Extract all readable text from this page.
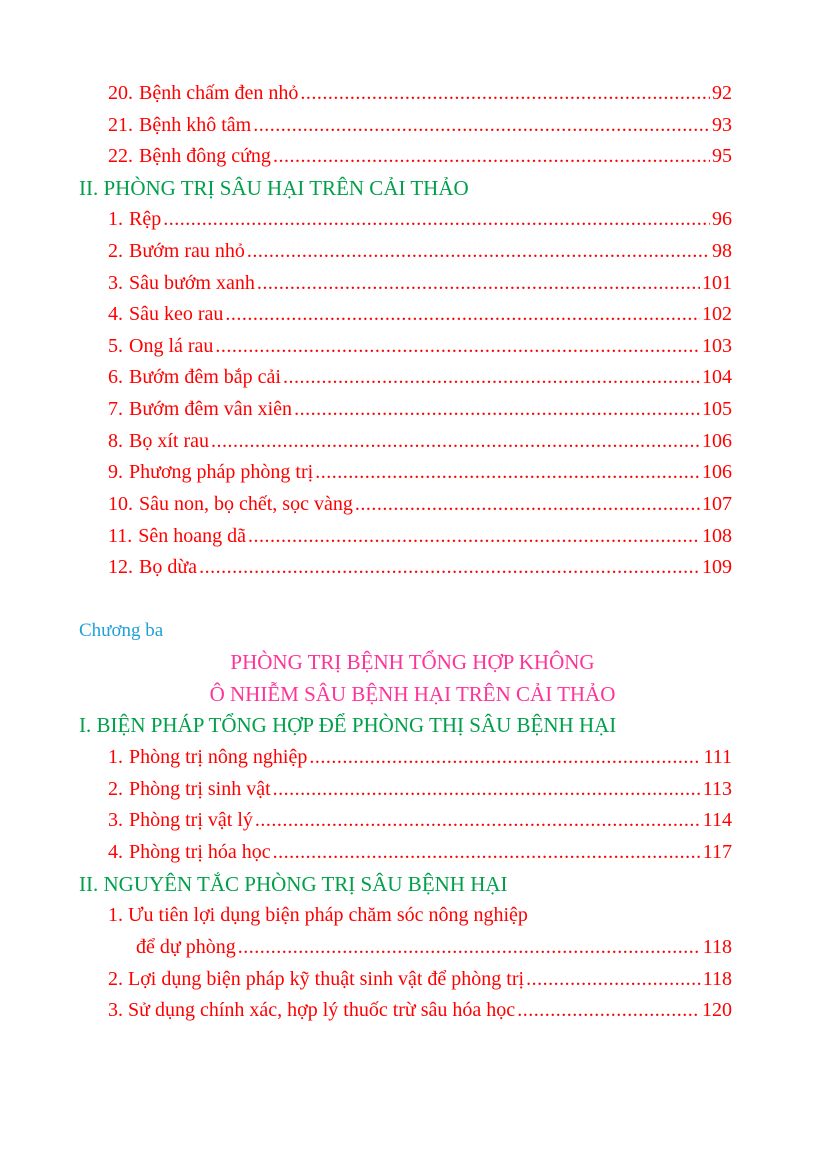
20. Bệnh chấm đen nhỏ .....	92
21. Bệnh khô tâm .....	93
22. Bệnh đông cứng .....	95
II. PHÒNG TRỊ SÂU HẠI TRÊN CẢI THẢO
1. Rệp .....	96
2. Bướm rau nhỏ .....	98
3. Sâu bướm xanh .....	101
4. Sâu keo rau .....	102
5. Ong lá rau .....	103
6. Bướm đêm bắp cải .....	104
7. Bướm đêm vân xiên .....	105
8. Bọ xít rau .....	106
9. Phương pháp phòng trị .....	106
10. Sâu non, bọ chết, sọc vàng .....	107
11. Sên hoang dã .....	108
12. Bọ dừa .....	109
Chương ba
PHÒNG TRỊ BỆNH TỔNG HỢP KHÔNG
Ô NHIỄM SÂU BỆNH HẠI TRÊN CẢI THẢO
I. BIỆN PHÁP TỔNG HỢP ĐỂ PHÒNG THỊ SÂU BỆNH HẠI
1. Phòng trị nông nghiệp .....	111
2. Phòng trị sinh vật .....	113
3. Phòng trị vật lý .....	114
4. Phòng trị hóa học .....	117
II. NGUYÊN TẮC PHÒNG TRỊ SÂU BỆNH HẠI
1. Ưu tiên lợi dụng biện pháp chăm sóc nông nghiệp
để dự phòng .....	118
2. Lợi dụng biện pháp kỹ thuật sinh vật để phòng trị .....	118
3. Sử dụng chính xác, hợp lý thuốc trừ sâu hóa học .....	120
